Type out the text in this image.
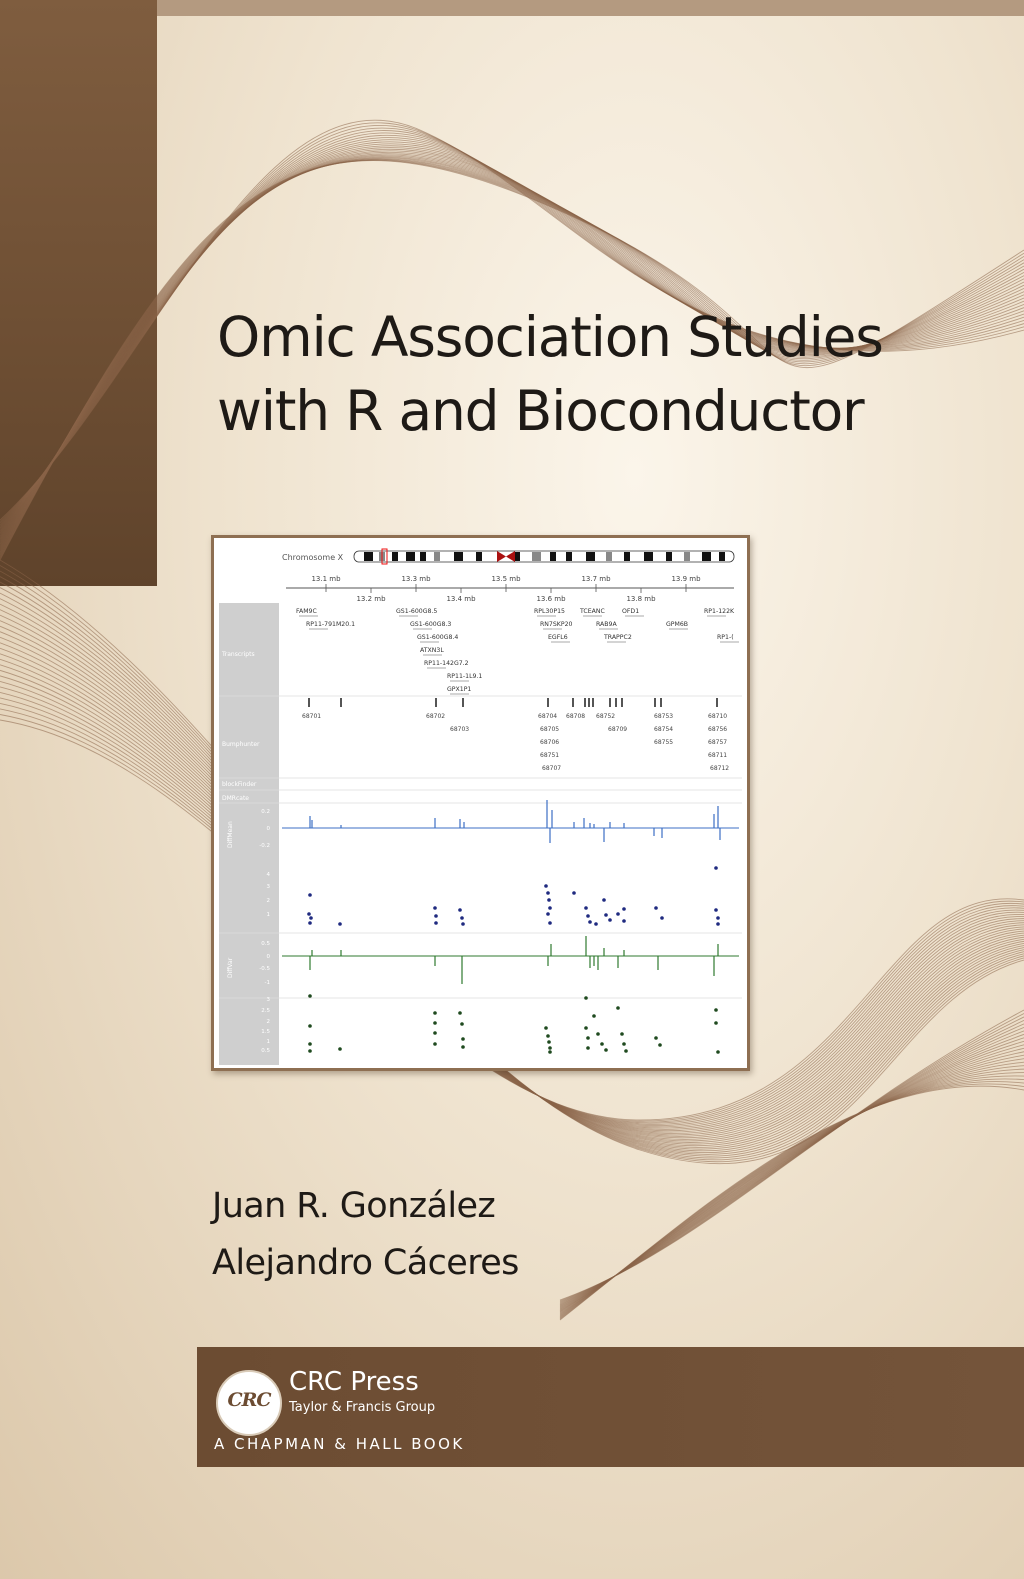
Omic Association Studies
with R and Bioconductor
Chromosome X
13.1 mb	13.3 mb	13.5 mb	13.7 mb	13.9 mb
13.2 mb	13.4 mb	13.6 mb	13.8 mb
Transcripts
Bumphunter
blockFinder
DMRcate
DiffMean
DiffVar
FAM9C
RP11-791M20.1
GS1-600G8.5
GS1-600G8.3
GS1-600G8.4
ATXN3L
RP11-142G7.2
RP11-1L9.1
GPX1P1
RPL30P15
RN7SKP20
EGFL6
TCEANC
RAB9A
TRAPPC2
OFD1
GPM6B
RP1-122K
RP1-(
68701	68702
68703
68704
68705
68706
68751
68707
68708 68752
68709
68753
68754
68755
68710
68756
68757
68711
68712
0.2
0
-0.2
4
3
2
1
0.5
0
-0.5
-1
3
2.5
2
1.5
1
0.5
Juan R. González
Alejandro Cáceres
CRC
CRC Press
Taylor & Francis Group
A CHAPMAN & HALL BOOK
